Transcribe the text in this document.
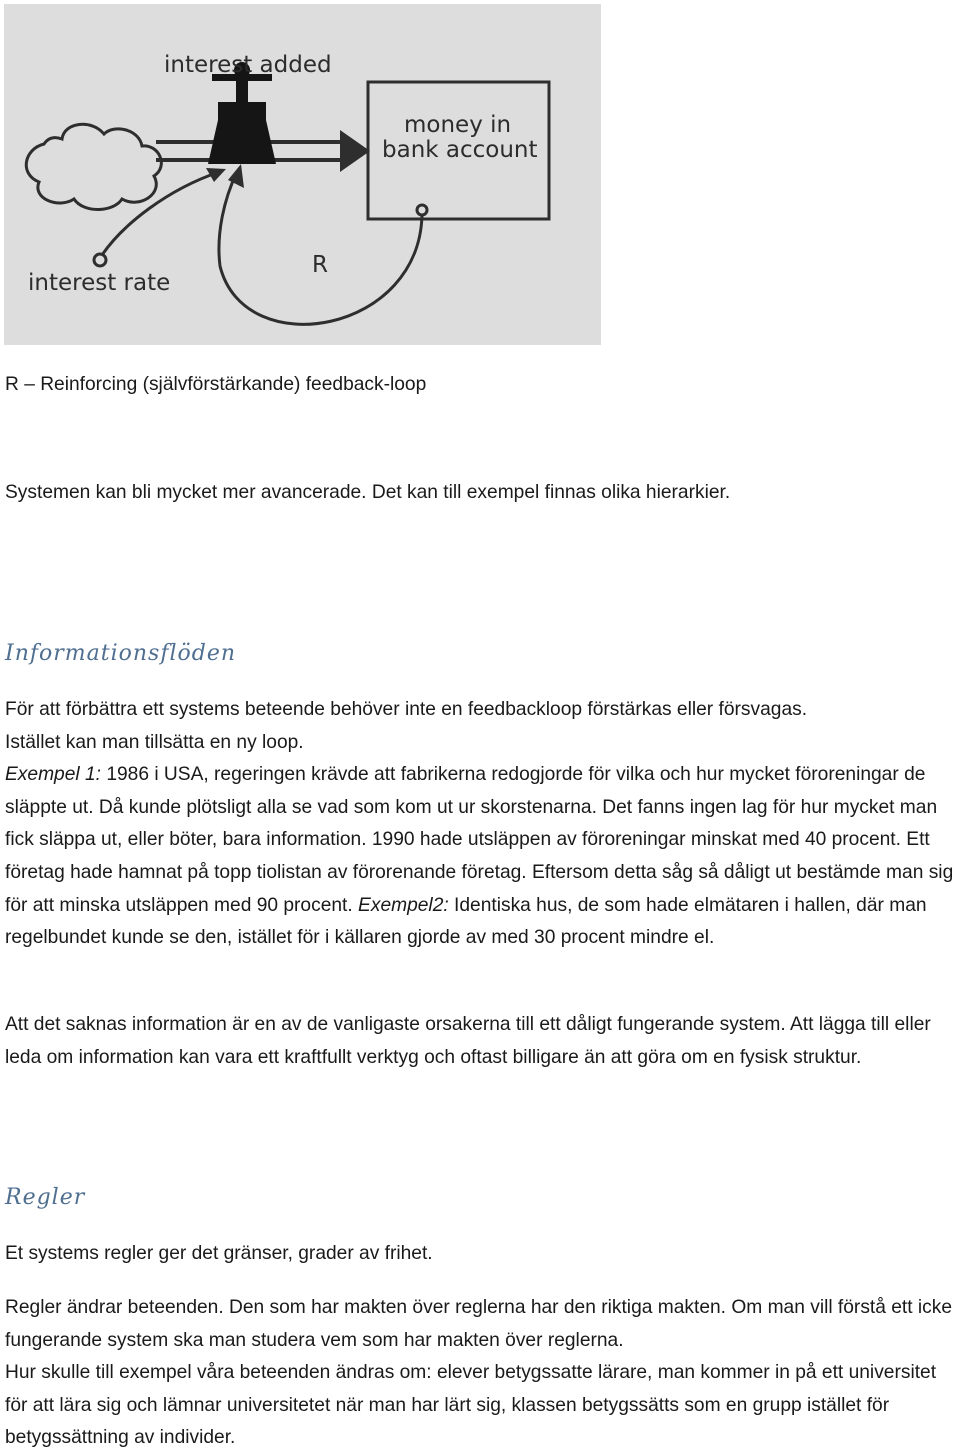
interest added
money in
bank account
interest rate
R

R – Reinforcing (självförstärkande) feedback-loop

Systemen kan bli mycket mer avancerade. Det kan till exempel finnas olika hierarkier.

Informationsflöden

För att förbättra ett systems beteende behöver inte en feedbackloop förstärkas eller försvagas.
Istället kan man tillsätta en ny loop.
Exempel 1: 1986 i USA, regeringen krävde att fabrikerna redogjorde för vilka och hur mycket föroreningar de släppte ut. Då kunde plötsligt alla se vad som kom ut ur skorstenarna. Det fanns ingen lag för hur mycket man fick släppa ut, eller böter, bara information. 1990 hade utsläppen av föroreningar minskat med 40 procent. Ett företag hade hamnat på topp tiolistan av förorenande företag. Eftersom detta såg så dåligt ut bestämde man sig för att minska utsläppen med 90 procent. Exempel2: Identiska hus, de som hade elmätaren i hallen, där man regelbundet kunde se den, istället för i källaren gjorde av med 30 procent mindre el.

Att det saknas information är en av de vanligaste orsakerna till ett dåligt fungerande system. Att lägga till eller leda om information kan vara ett kraftfullt verktyg och oftast billigare än att göra om en fysisk struktur.

Regler

Et systems regler ger det gränser, grader av frihet.

Regler ändrar beteenden. Den som har makten över reglerna har den riktiga makten. Om man vill förstå ett icke fungerande system ska man studera vem som har makten över reglerna.

Hur skulle till exempel våra beteenden ändras om: elever betygssatte lärare, man kommer in på ett universitet för att lära sig och lämnar universitetet när man har lärt sig, klassen betygssätts som en grupp istället för betygssättning av individer.
